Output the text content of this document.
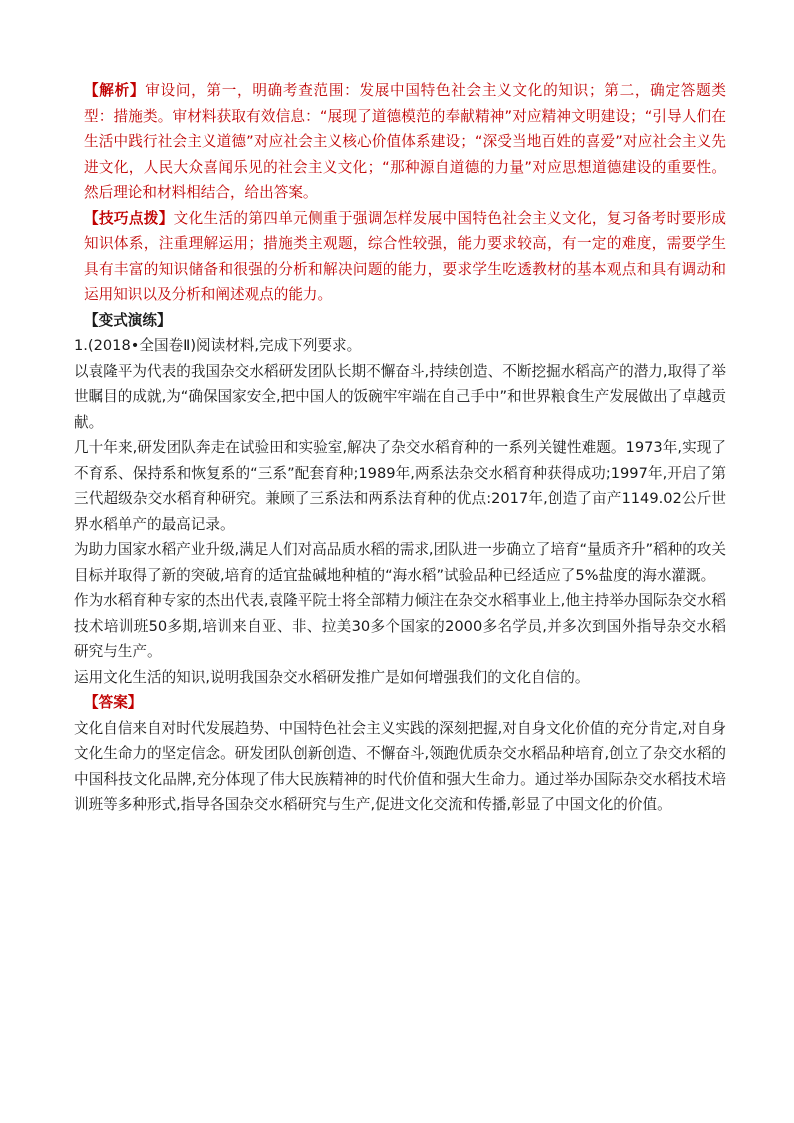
【解析】审设问，第一，明确考查范围：发展中国特色社会主义文化的知识；第二，确定答题类型：措施类。审材料获取有效信息：“展现了道德模范的奉献精神”对应精神文明建设；“引导人们在生活中践行社会主义道德”对应社会主义核心价值体系建设；“深受当地百姓的喜爱”对应社会主义先进文化，人民大众喜闻乐见的社会主义文化；“那种源自道德的力量”对应思想道德建设的重要性。然后理论和材料相结合，给出答案。

【技巧点拨】文化生活的第四单元侧重于强调怎样发展中国特色社会主义文化，复习备考时要形成知识体系，注重理解运用；措施类主观题，综合性较强，能力要求较高，有一定的难度，需要学生具有丰富的知识储备和很强的分析和解决问题的能力，要求学生吃透教材的基本观点和具有调动和运用知识以及分析和阐述观点的能力。

【变式演练】

1.(2018•全国卷Ⅱ)阅读材料,完成下列要求。

以袁隆平为代表的我国杂交水稻研发团队长期不懈奋斗,持续创造、不断挖掘水稻高产的潜力,取得了举世瞩目的成就,为“确保国家安全,把中国人的饭碗牢牢端在自己手中”和世界粮食生产发展做出了卓越贡献。

几十年来,研发团队奔走在试验田和实验室,解决了杂交水稻育种的一系列关键性难题。1973年,实现了不育系、保持系和恢复系的“三系”配套育种;1989年,两系法杂交水稻育种获得成功;1997年,开启了第三代超级杂交水稻育种研究。兼顾了三系法和两系法育种的优点:2017年,创造了亩产1149.02公斤世界水稻单产的最高记录。

为助力国家水稻产业升级,满足人们对高品质水稻的需求,团队进一步确立了培育“量质齐升”稻种的攻关目标并取得了新的突破,培育的适宜盐碱地种植的“海水稻”试验品种已经适应了5%盐度的海水灌溉。

作为水稻育种专家的杰出代表,袁隆平院士将全部精力倾注在杂交水稻事业上,他主持举办国际杂交水稻技术培训班50多期,培训来自亚、非、拉美30多个国家的2000多名学员,并多次到国外指导杂交水稻研究与生产。

运用文化生活的知识,说明我国杂交水稻研发推广是如何增强我们的文化自信的。

【答案】

文化自信来自对时代发展趋势、中国特色社会主义实践的深刻把握,对自身文化价值的充分肯定,对自身文化生命力的坚定信念。研发团队创新创造、不懈奋斗,领跑优质杂交水稻品种培育,创立了杂交水稻的中国科技文化品牌,充分体现了伟大民族精神的时代价值和强大生命力。通过举办国际杂交水稻技术培训班等多种形式,指导各国杂交水稻研究与生产,促进文化交流和传播,彰显了中国文化的价值。
